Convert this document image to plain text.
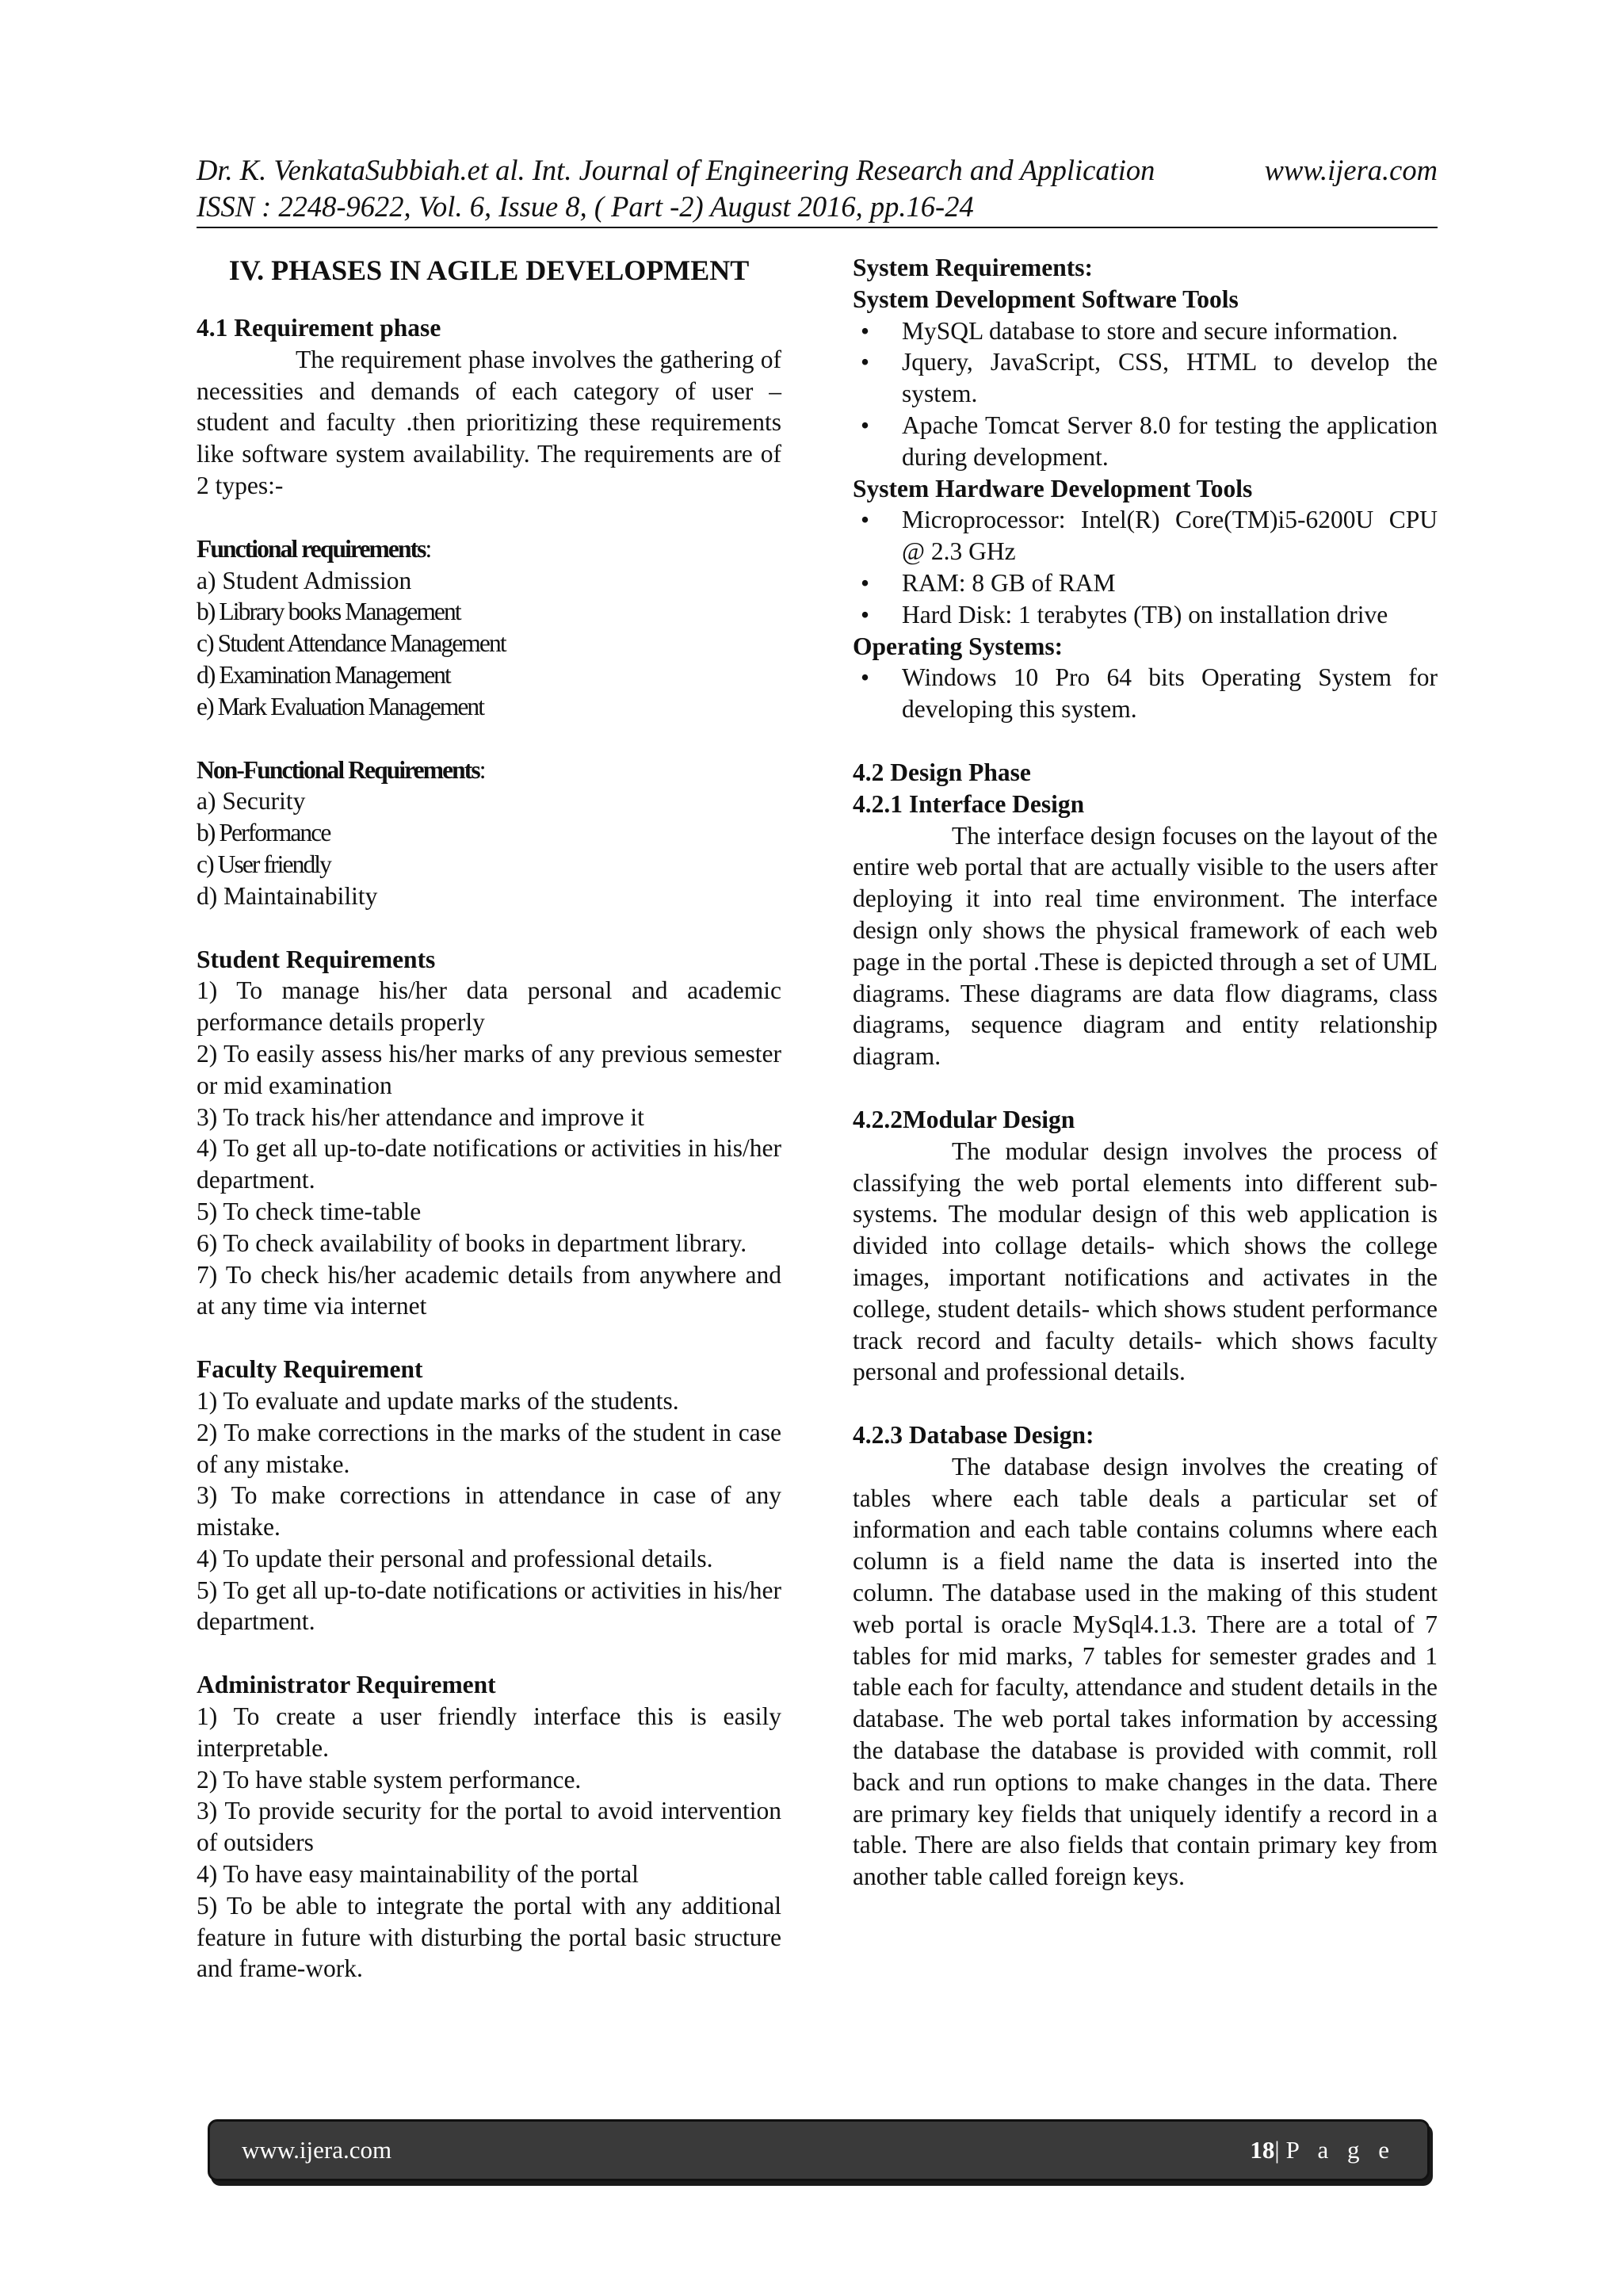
Dr. K. VenkataSubbiah.et al. Int. Journal of Engineering Research and Application	www.ijera.com
ISSN : 2248-9622, Vol. 6, Issue 8, ( Part -2) August 2016, pp.16-24

IV. PHASES IN AGILE DEVELOPMENT

4.1 Requirement phase

The requirement phase involves the gathering of necessities and demands of each category of user – student and faculty .then prioritizing these requirements like software system availability. The requirements are of 2 types:-

Functional requirements:

a) Student Admission

b) Library books Management

c) Student Attendance Management

d) Examination Management

e) Mark Evaluation Management

Non-Functional Requirements:

a) Security

b) Performance

c) User friendly

d) Maintainability

Student Requirements

1) To manage his/her data personal and academic performance details properly

2) To easily assess his/her marks of any previous semester or mid examination

3) To track his/her attendance and improve it

4) To get all up-to-date notifications or activities in his/her department.

5) To check time-table

6) To check availability of books in department library.

7) To check his/her academic details from anywhere and at any time via internet

Faculty Requirement

1) To evaluate and update marks of the students.

2) To make corrections in the marks of the student in case of any mistake.

3) To make corrections in attendance in case of any mistake.

4) To update their personal and professional details.

5) To get all up-to-date notifications or activities in his/her department.

Administrator Requirement

1) To create a user friendly interface this is easily interpretable.

2) To have stable system performance.

3) To provide security for the portal to avoid intervention of outsiders

4) To have easy maintainability of the portal

5) To be able to integrate the portal with any additional feature in future with disturbing the portal basic structure and frame-work.

System Requirements:

System Development Software Tools

• MySQL database to store and secure information.
• Jquery, JavaScript, CSS, HTML to develop the system.
• Apache Tomcat Server 8.0 for testing the application during development.

System Hardware Development Tools

• Microprocessor: Intel(R) Core(TM)i5-6200U CPU @ 2.3 GHz
• RAM: 8 GB of RAM
• Hard Disk: 1 terabytes (TB) on installation drive

Operating Systems:

• Windows 10 Pro 64 bits Operating System for developing this system.

4.2 Design Phase

4.2.1 Interface Design

The interface design focuses on the layout of the entire web portal that are actually visible to the users after deploying it into real time environment. The interface design only shows the physical framework of each web page in the portal .These is depicted through a set of UML diagrams. These diagrams are data flow diagrams, class diagrams, sequence diagram and entity relationship diagram.

4.2.2Modular Design

The modular design involves the process of classifying the web portal elements into different sub-systems. The modular design of this web application is divided into collage details- which shows the college images, important notifications and activates in the college, student details- which shows student performance track record and faculty details- which shows faculty personal and professional details.

4.2.3 Database Design:

The database design involves the creating of tables where each table deals a particular set of information and each table contains columns where each column is a field name the data is inserted into the column. The database used in the making of this student web portal is oracle MySql4.1.3. There are a total of 7 tables for mid marks, 7 tables for semester grades and 1 table each for faculty, attendance and student details in the database. The web portal takes information by accessing the database the database is provided with commit, roll back and run options to make changes in the data. There are primary key fields that uniquely identify a record in a table. There are also fields that contain primary key from another table called foreign keys.

www.ijera.com	18|P a g e
